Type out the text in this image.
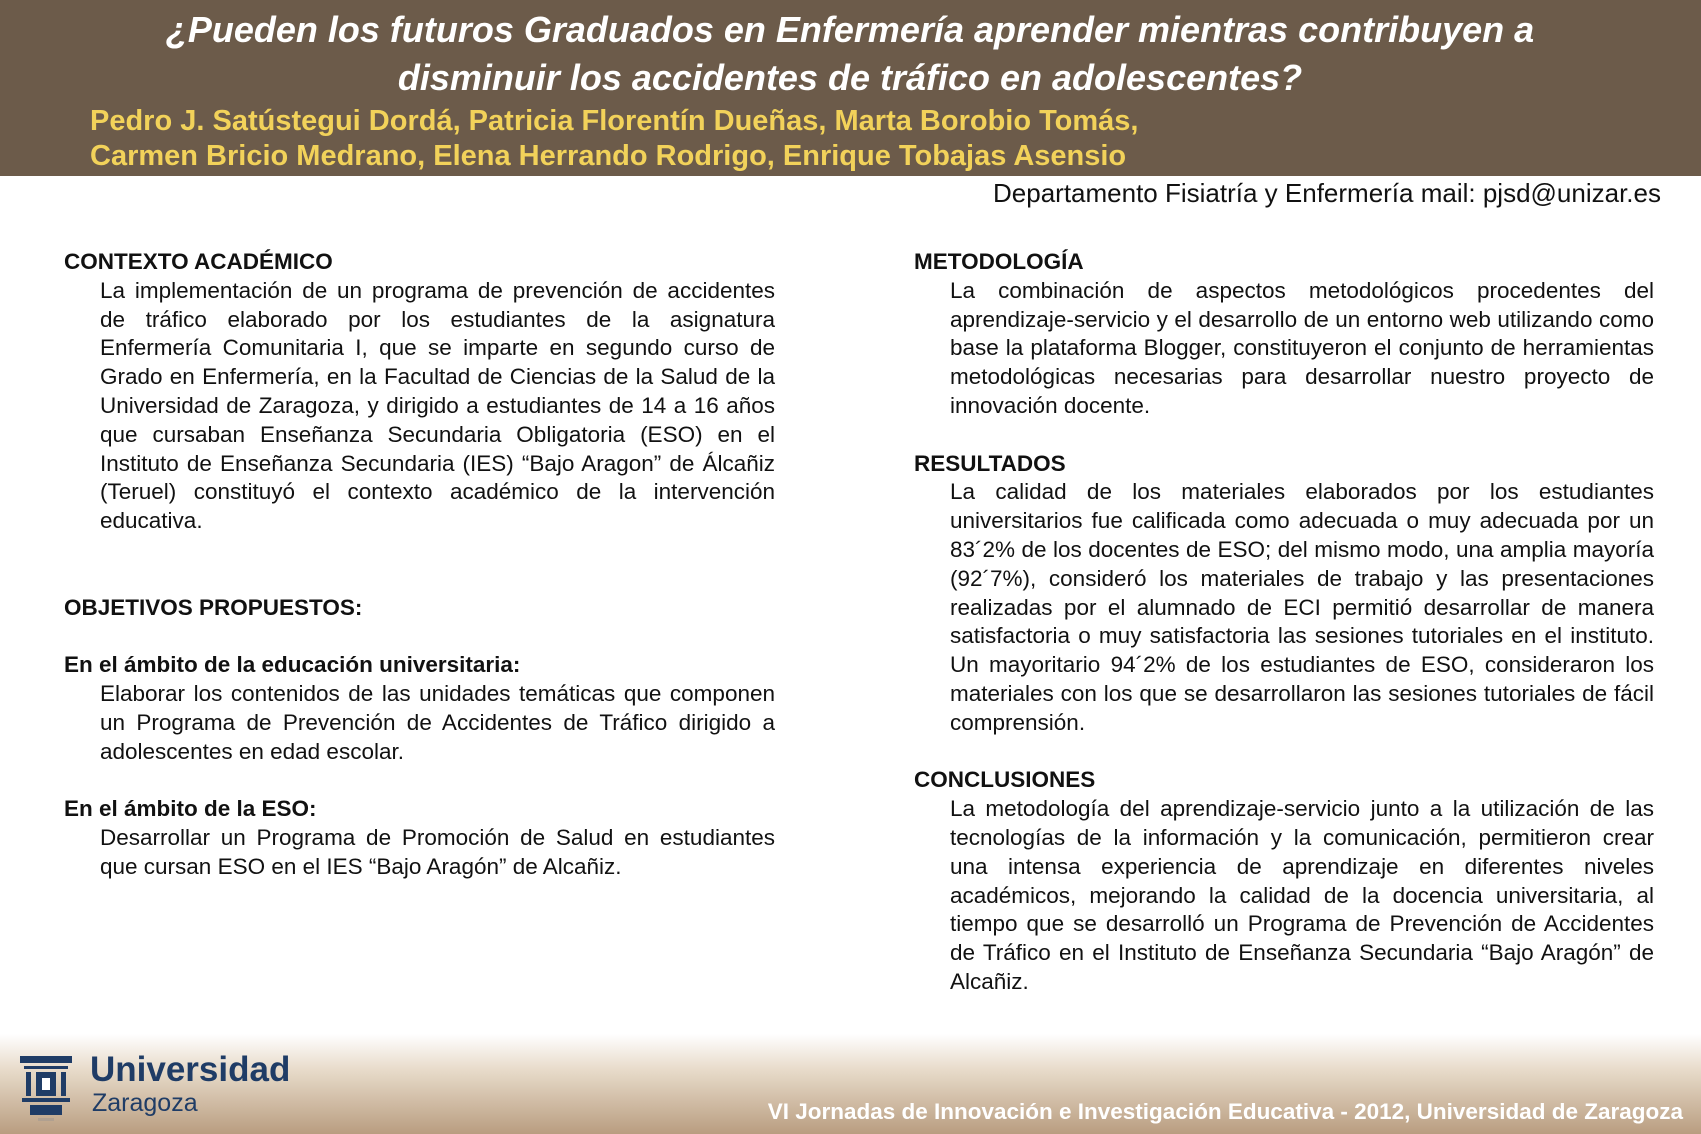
¿Pueden los futuros Graduados en Enfermería aprender mientras contribuyen a
disminuir los accidentes de tráfico en adolescentes?
Pedro J. Satústegui Dordá, Patricia Florentín Dueñas, Marta Borobio Tomás,
Carmen Bricio Medrano, Elena Herrando Rodrigo, Enrique Tobajas Asensio
Departamento Fisiatría y Enfermería mail: pjsd@unizar.es
CONTEXTO ACADÉMICO
La implementación de un programa de prevención de accidentes de tráfico elaborado por los estudiantes de la asignatura Enfermería Comunitaria I, que se imparte en segundo curso de Grado en Enfermería, en la Facultad de Ciencias de la Salud de la Universidad de Zaragoza, y dirigido a estudiantes de 14 a 16 años que cursaban Enseñanza Secundaria Obligatoria (ESO) en el Instituto de Enseñanza Secundaria (IES) “Bajo Aragon” de Álcañiz (Teruel) constituyó el contexto académico de la intervención educativa.
OBJETIVOS PROPUESTOS:
En el ámbito de la educación universitaria:
Elaborar los contenidos de las unidades temáticas que componen un Programa de Prevención de Accidentes de Tráfico dirigido a adolescentes en edad escolar.
En el ámbito de la ESO:
Desarrollar un Programa de Promoción de Salud en estudiantes que cursan ESO en el IES “Bajo Aragón” de Alcañiz.
METODOLOGÍA
La combinación de aspectos metodológicos procedentes del aprendizaje-servicio y el desarrollo de un entorno web utilizando como base la plataforma Blogger, constituyeron el conjunto de herramientas metodológicas necesarias para desarrollar nuestro proyecto de innovación docente.
RESULTADOS
La calidad de los materiales elaborados por los estudiantes universitarios fue calificada como adecuada o muy adecuada por un 83´2% de los docentes de ESO; del mismo modo, una amplia mayoría (92´7%), consideró los materiales de trabajo y las presentaciones realizadas por el alumnado de ECI permitió desarrollar de manera satisfactoria o muy satisfactoria las sesiones tutoriales en el instituto. Un mayoritario 94´2% de los estudiantes de ESO, consideraron los materiales con los que se desarrollaron las sesiones tutoriales de fácil comprensión.
CONCLUSIONES
La metodología del aprendizaje-servicio junto a la utilización de las tecnologías de la información y la comunicación, permitieron crear una intensa experiencia de aprendizaje en diferentes niveles académicos, mejorando la calidad de la docencia universitaria, al tiempo que se desarrolló un Programa de Prevención de Accidentes de Tráfico en el Instituto de Enseñanza Secundaria “Bajo Aragón” de Alcañiz.
Universidad
Zaragoza	VI Jornadas de Innovación e Investigación Educativa - 2012, Universidad de Zaragoza
